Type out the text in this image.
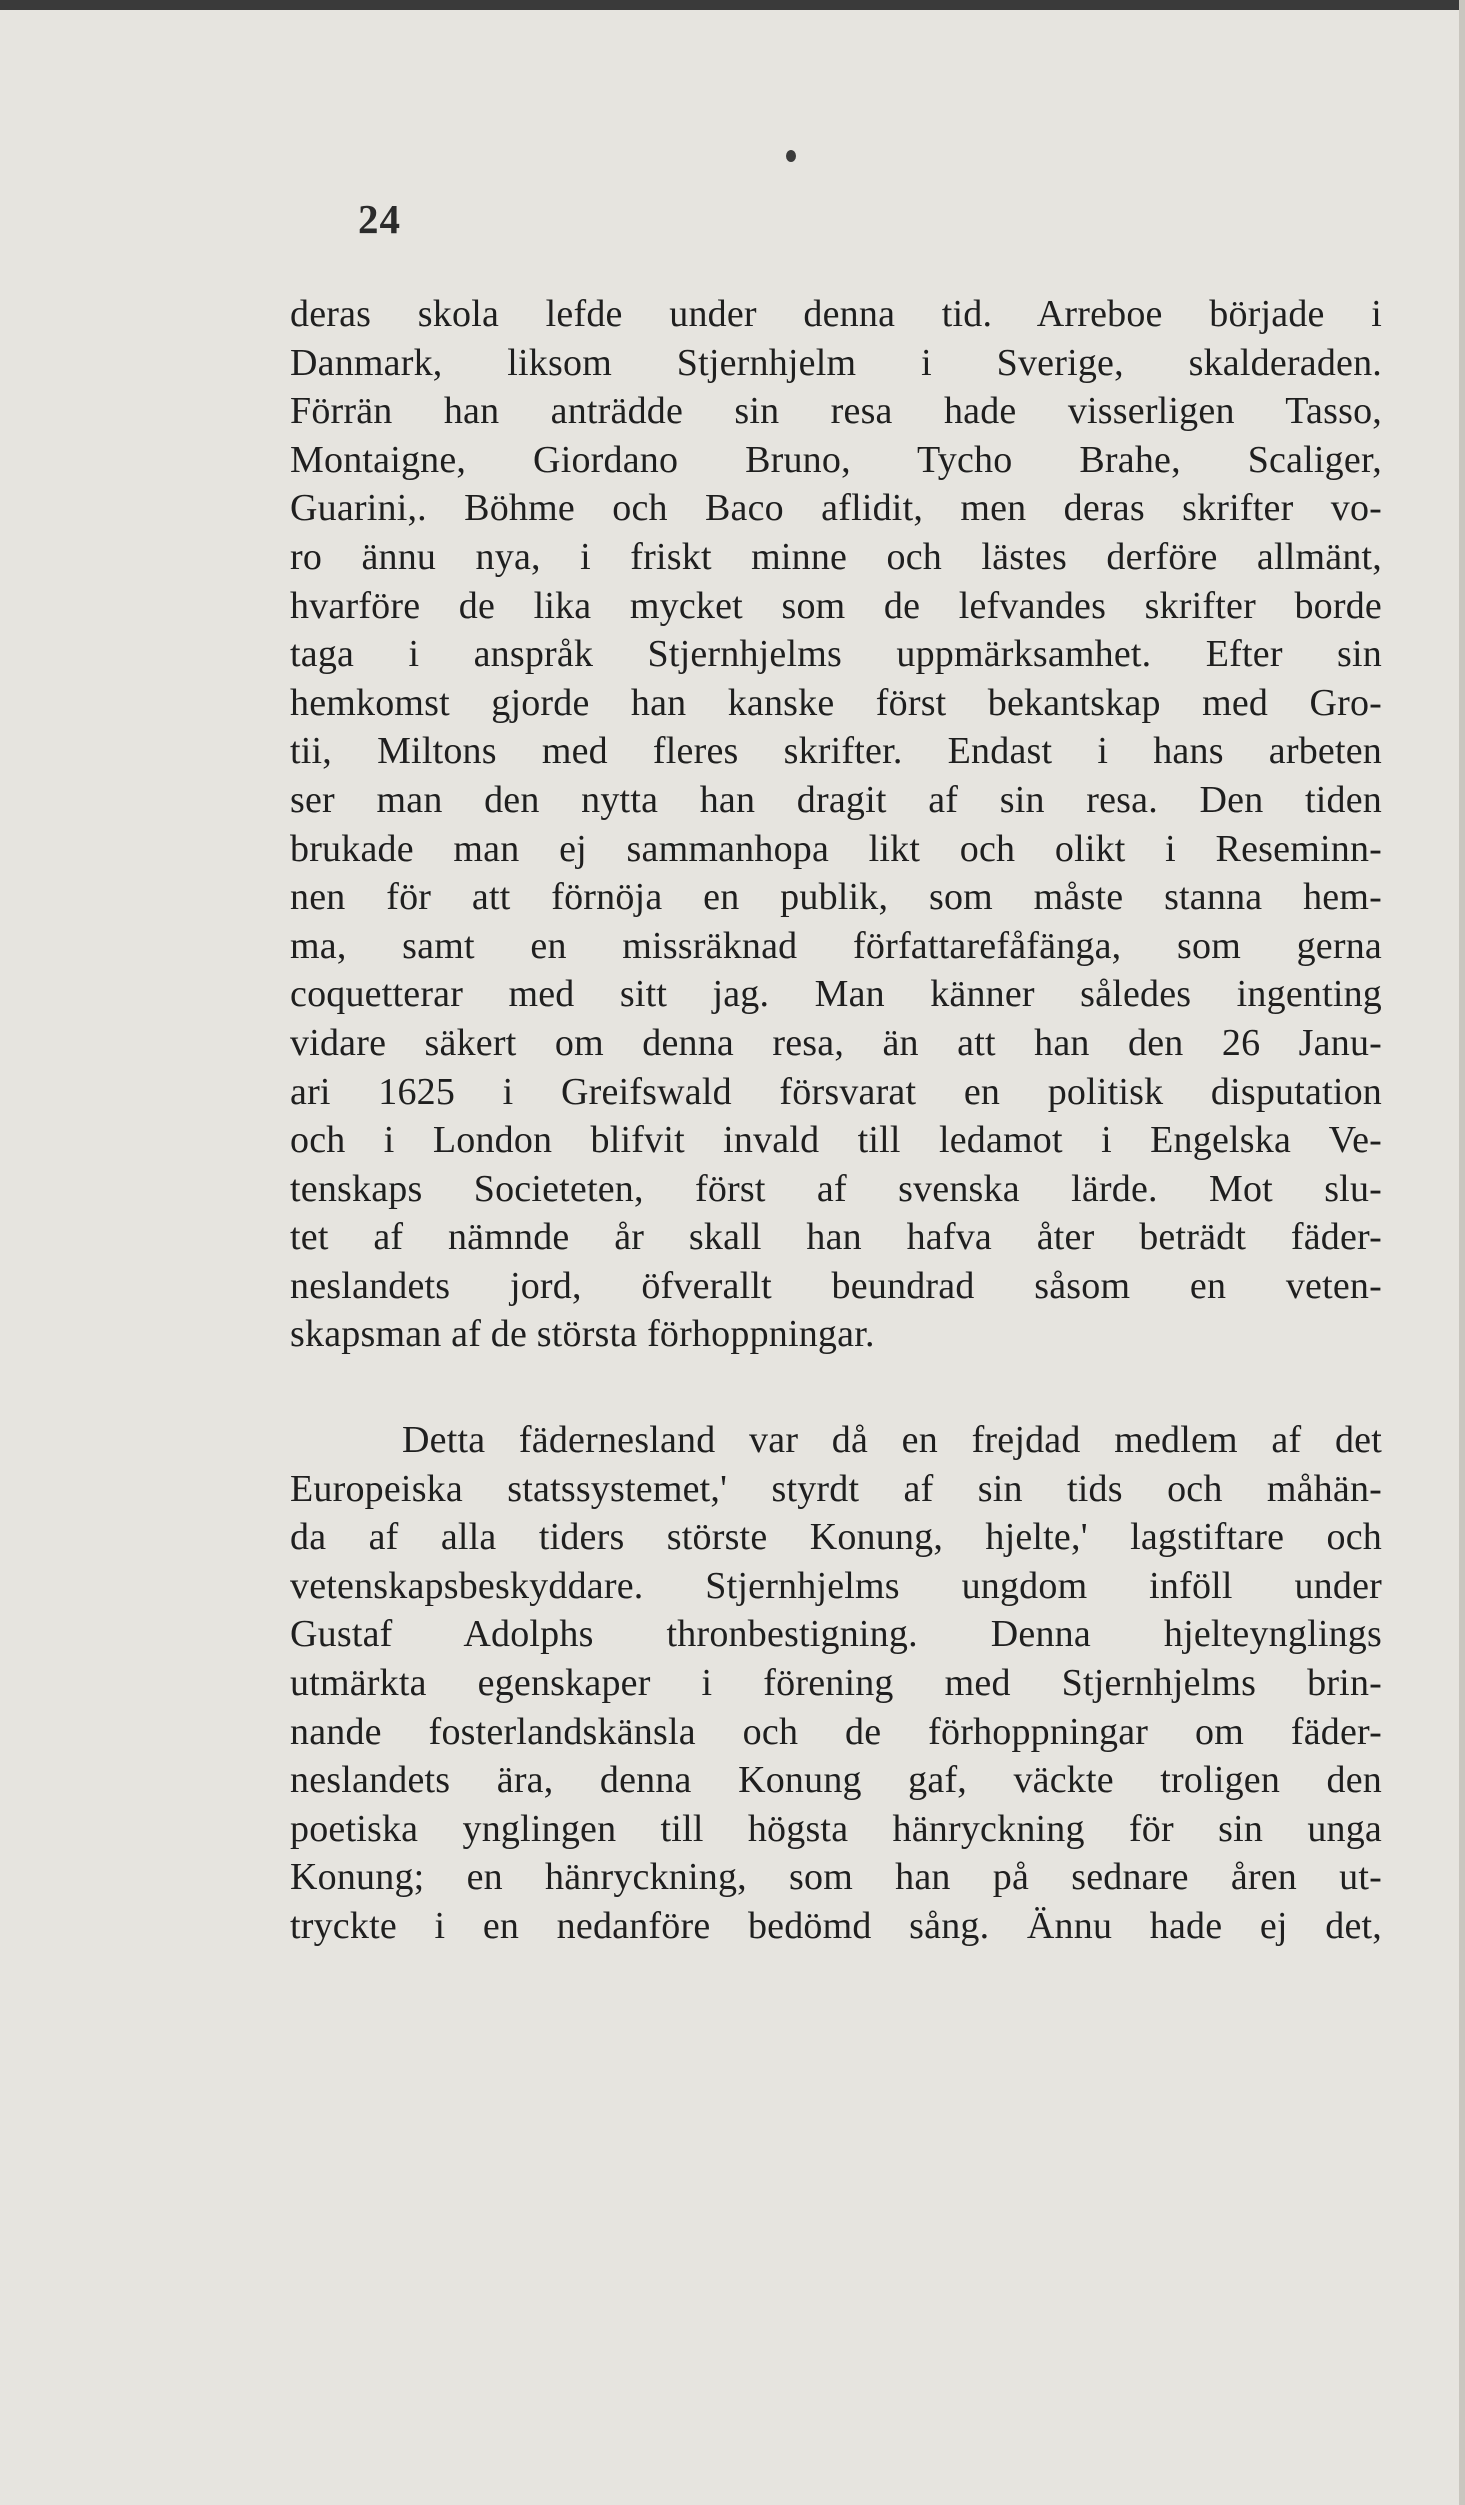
24
deras skola lefde under denna tid. Arreboe började i
Danmark, liksom Stjernhjelm i Sverige, skalderaden.
Förrän han anträdde sin resa hade visserligen Tasso,
Montaigne, Giordano Bruno, Tycho Brahe, Scaliger,
Guarini,. Böhme och Baco aflidit, men deras skrifter vo-
ro ännu nya, i friskt minne och lästes derföre allmänt,
hvarföre de lika mycket som de lefvandes skrifter borde
taga i anspråk Stjernhjelms uppmärksamhet. Efter sin
hemkomst gjorde han kanske först bekantskap med Gro-
tii, Miltons med fleres skrifter. Endast i hans arbeten
ser man den nytta han dragit af sin resa. Den tiden
brukade man ej sammanhopa likt och olikt i Reseminn-
nen för att förnöja en publik, som måste stanna hem-
ma, samt en missräknad författarefåfänga, som gerna
coquetterar med sitt jag. Man känner således ingenting
vidare säkert om denna resa, än att han den 26 Janu-
ari 1625 i Greifswald försvarat en politisk disputation
och i London blifvit invald till ledamot i Engelska Ve-
tenskaps Societeten, först af svenska lärde. Mot slu-
tet af nämnde år skall han hafva åter beträdt fäder-
neslandets jord, öfverallt beundrad såsom en veten-
skapsman af de största förhoppningar.
Detta fädernesland var då en frejdad medlem af det
Europeiska statssystemet,' styrdt af sin tids och måhän-
da af alla tiders störste Konung, hjelte,' lagstiftare och
vetenskapsbeskyddare. Stjernhjelms ungdom inföll under
Gustaf Adolphs thronbestigning. Denna hjelteynglings
utmärkta egenskaper i förening med Stjernhjelms brin-
nande fosterlandskänsla och de förhoppningar om fäder-
neslandets ära, denna Konung gaf, väckte troligen den
poetiska ynglingen till högsta hänryckning för sin unga
Konung; en hänryckning, som han på sednare åren ut-
tryckte i en nedanföre bedömd sång. Ännu hade ej det,
